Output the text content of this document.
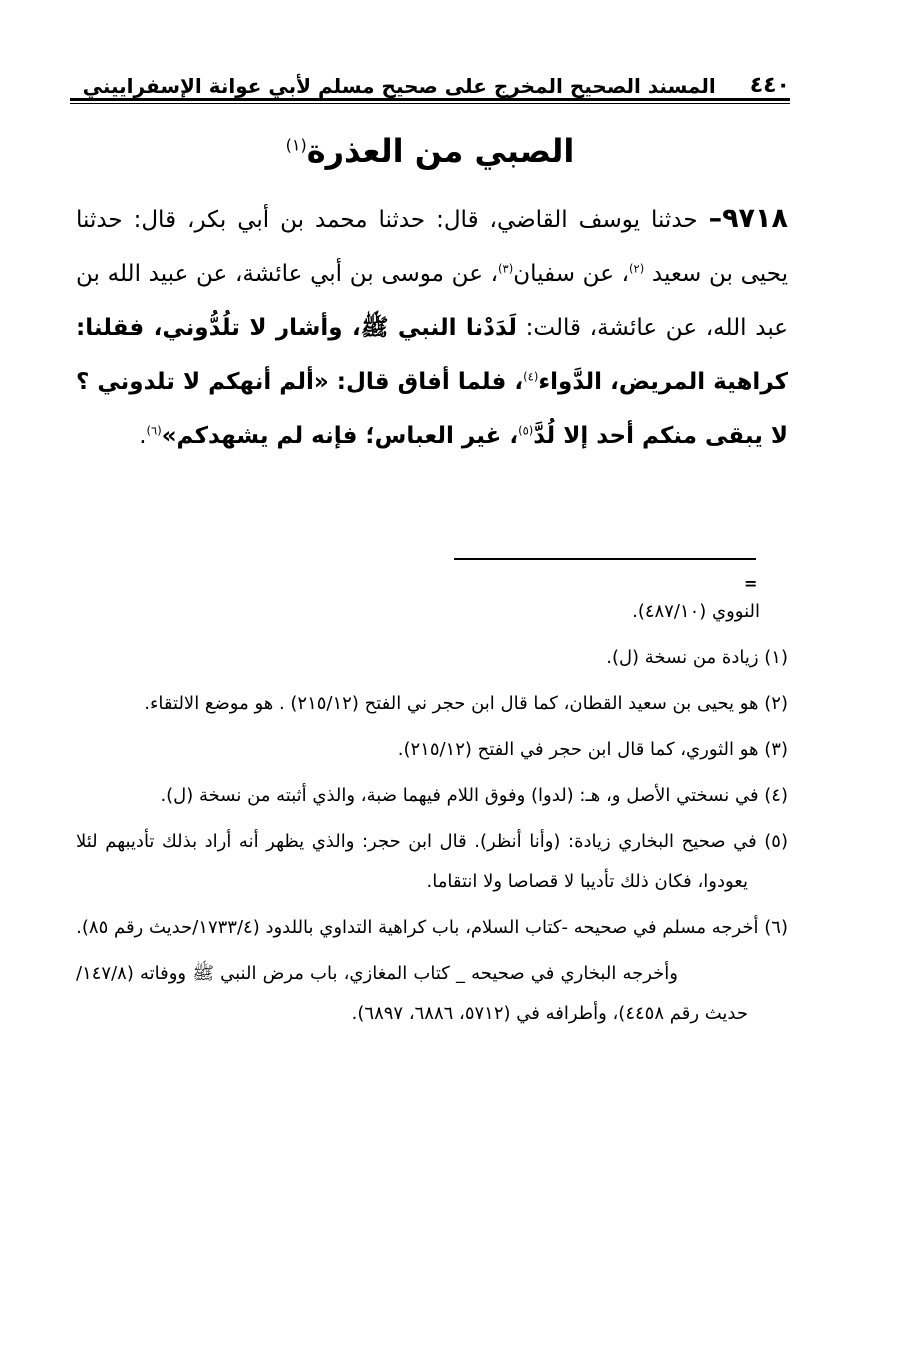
٤٤٠
المسند الصحيح المخرج على صحيح مسلم لأبي عوانة الإسفراييني
الصبي من العذرة$^{(١)}$
٩٧١٨– حدثنا يوسف القاضي، قال: حدثنا محمد بن أبي بكر، قال: حدثنا يحيى بن سعيد $^{(٢)}$، عن سفيان$^{(٣)}$، عن موسى بن أبي عائشة، عن عبيد الله بن عبد الله، عن عائشة، قالت: لَدَدْنا النبي ﷺ، وأشار لا تلُدُّوني، فقلنا: كراهية المريض، الدَّواء$^{(٤)}$، فلما أفاق قال: «ألم أنهكم لا تلدوني ؟ لا يبقى منكم أحد إلا لُدَّ$^{(٥)}$، غير العباس؛ فإنه لم يشهدكم»$^{(٦)}$.
=

النووي (٤٨٧/١٠).

(١) زيادة من نسخة (ل).

(٢) هو يحيى بن سعيد القطان، كما قال ابن حجر ني الفتح (٢١٥/١٢) . هو موضع الالتقاء.

(٣) هو الثوري، كما قال ابن حجر في الفتح (٢١٥/١٢).

(٤) في نسختي الأصل و، هـ: (لدوا) وفوق اللام فيهما ضبة، والذي أثبته من نسخة (ل).

(٥) في صحيح البخاري زيادة: (وأنا أنظر). قال ابن حجر: والذي يظهر أنه أراد بذلك تأديبهم لئلا يعودوا، فكان ذلك تأديبا لا قصاصا ولا انتقاما.

(٦) أخرجه مسلم في صحيحه -كتاب السلام، باب كراهية التداوي باللدود (١٧٣٣/٤/حديث رقم ٨٥).

وأخرجه البخاري في صحيحه _ كتاب المغازي، باب مرض النبي ﷺ ووفاته (١٤٧/٨/ حديث رقم ٤٤٥٨)، وأطرافه في (٥٧١٢، ٦٨٨٦، ٦٨٩٧).
